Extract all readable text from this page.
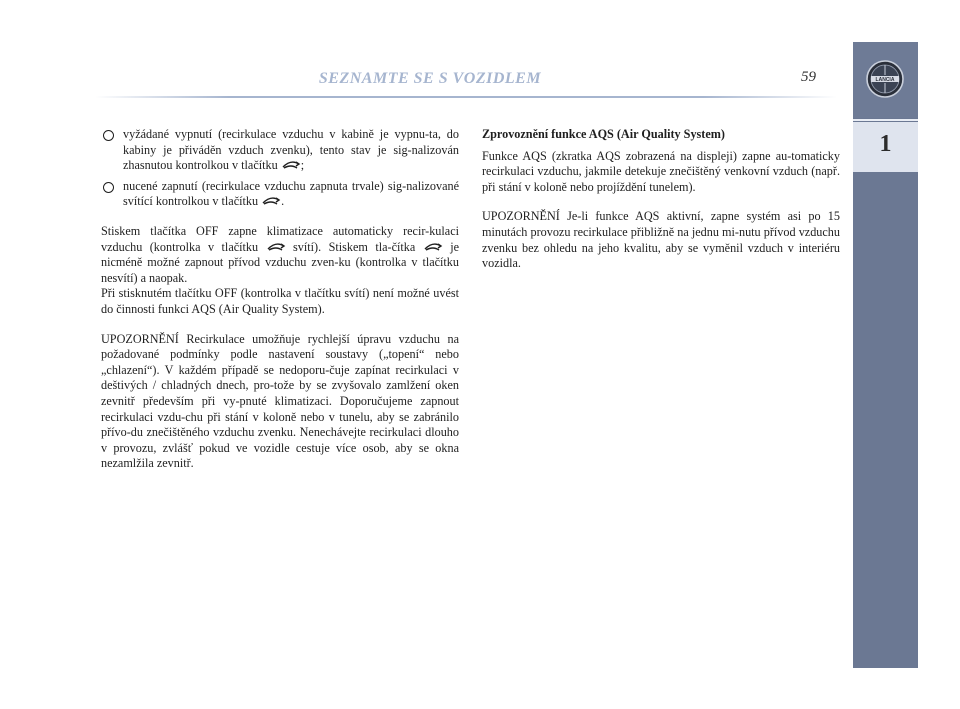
SEZNAMTE SE S VOZIDLEM	59	LANCIA
1
vyžádané vypnutí (recirkulace vzduchu v kabině je vypnu-ta, do kabiny je přiváděn vzduch zvenku), tento stav je sig-nalizován zhasnutou kontrolkou v tlačítku ;
nucené zapnutí (recirkulace vzduchu zapnuta trvale) sig-nalizované svítící kontrolkou v tlačítku .

Stiskem tlačítka OFF zapne klimatizace automaticky recir-kulaci vzduchu (kontrolka v tlačítku	svítí). Stiskem tla-čítka	je nicméně možné zapnout přívod vzduchu zven-ku (kontrolka v tlačítku nesvítí) a naopak.
Při stisknutém tlačítku OFF (kontrolka v tlačítku svítí) není možné uvést do činnosti funkci AQS (Air Quality System).

UPOZORNĚNÍ Recirkulace umožňuje rychlejší úpravu vzduchu na požadované podmínky podle nastavení soustavy („topení“ nebo „chlazení“). V každém případě se nedoporu-čuje zapínat recirkulaci v deštivých / chladných dnech, pro-tože by se zvyšovalo zamlžení oken zevnitř především při vy-pnuté klimatizaci. Doporučujeme zapnout recirkulaci vzdu-chu při stání v koloně nebo v tunelu, aby se zabránilo přívo-du znečištěného vzduchu zvenku. Nenechávejte recirkulaci dlouho v provozu, zvlášť pokud ve vozidle cestuje více osob, aby se okna nezamlžila zevnitř.

Zprovoznění funkce AQS (Air Quality System)

Funkce AQS (zkratka AQS zobrazená na displeji) zapne au-tomaticky recirkulaci vzduchu, jakmile detekuje znečištěný venkovní vzduch (např. při stání v koloně nebo projíždění tunelem).

UPOZORNĚNÍ Je-li funkce AQS aktivní, zapne systém asi po 15 minutách provozu recirkulace přibližně na jednu mi-nutu přívod vzduchu zvenku bez ohledu na jeho kvalitu, aby se vyměnil vzduch v interiéru vozidla.
